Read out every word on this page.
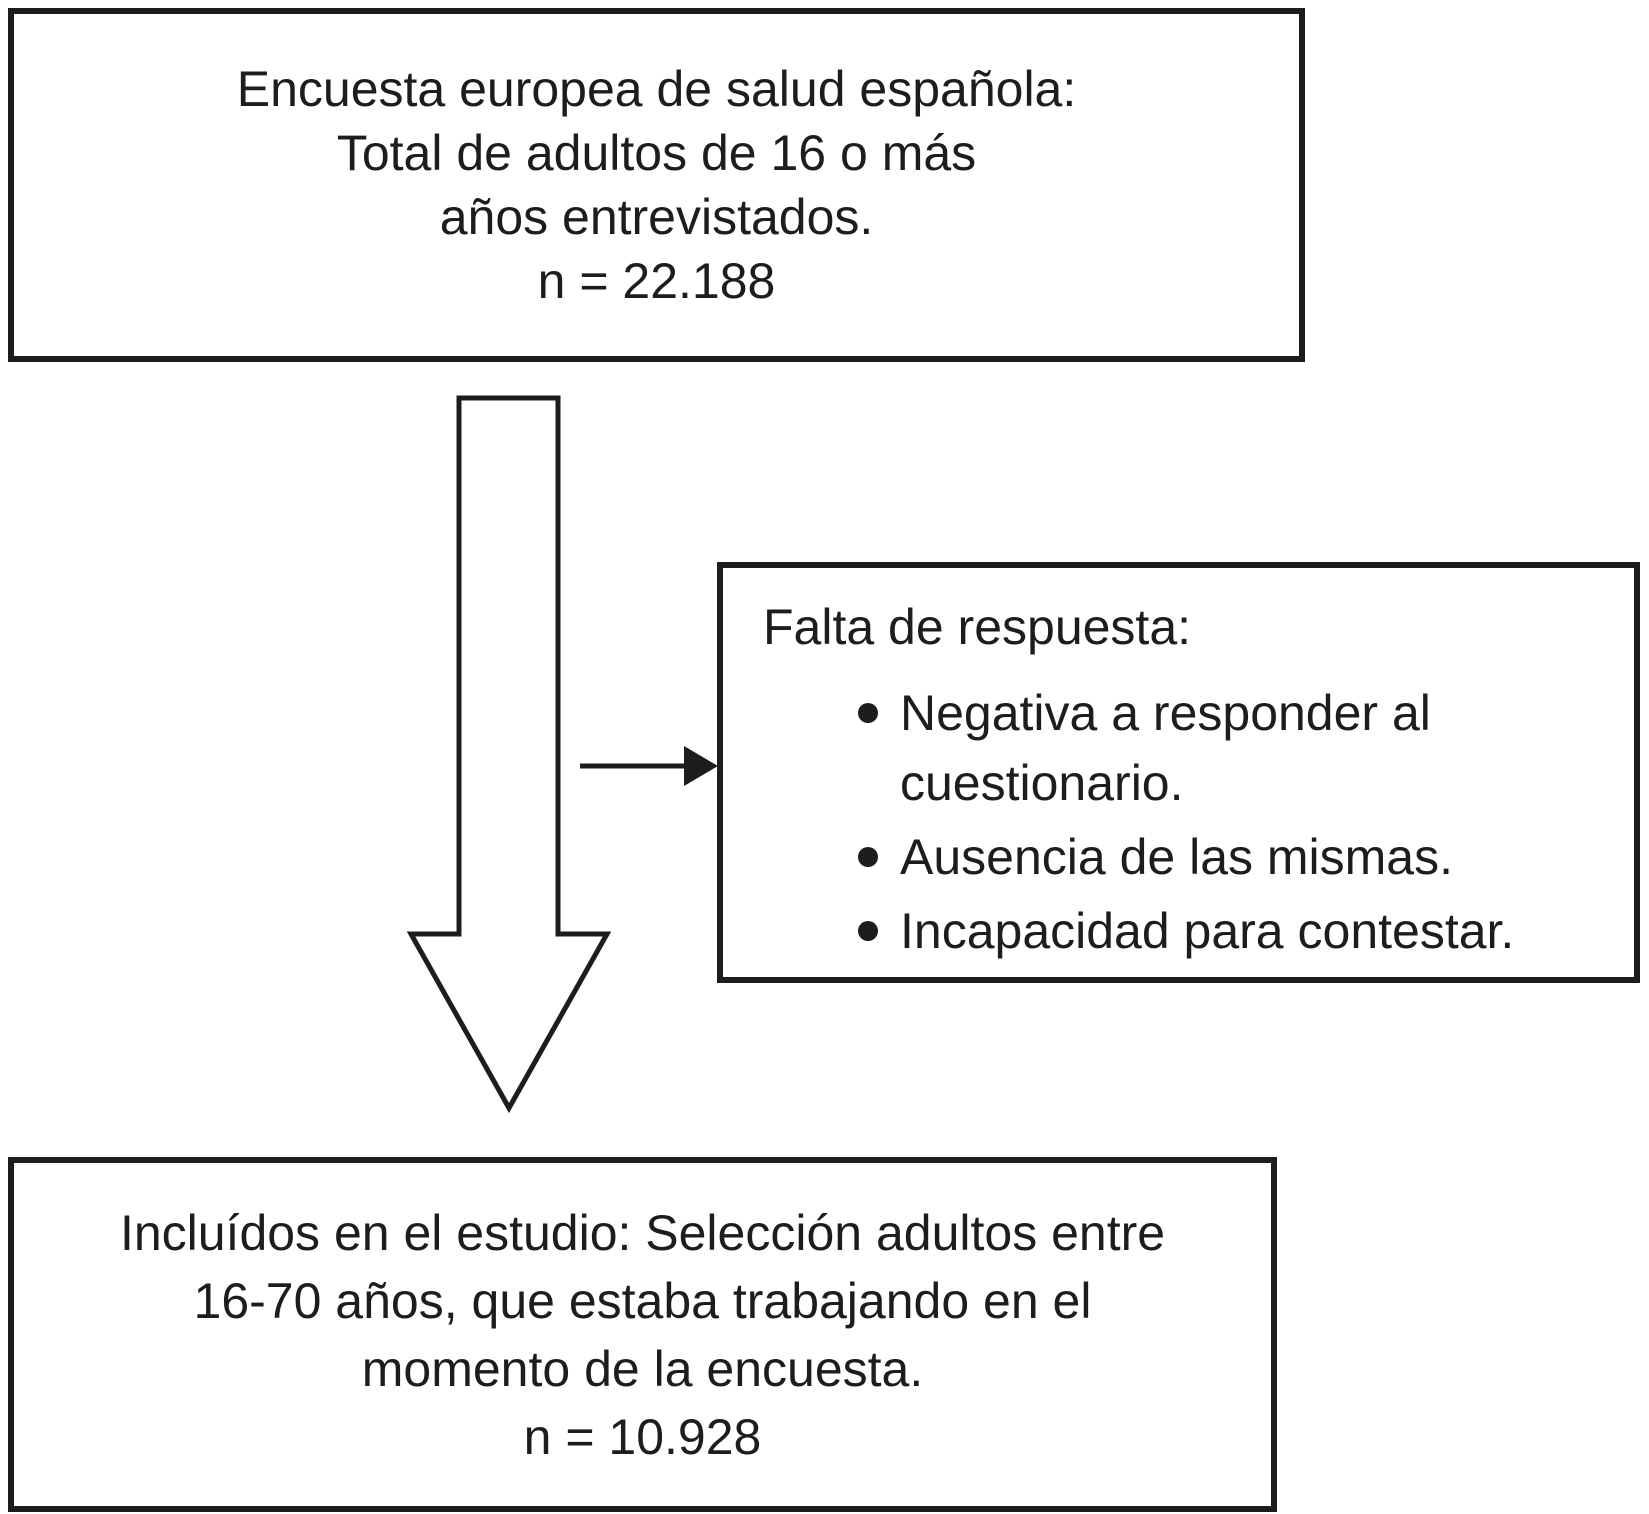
Encuesta europea de salud española:
Total de adultos de 16 o más
años entrevistados.
n = 22.188
Falta de respuesta:
Negativa a responder al cuestionario.
Ausencia de las mismas.
Incapacidad para contestar.
Incluídos en el estudio: Selección adultos entre
16-70 años, que estaba trabajando en el
momento de la encuesta.
n = 10.928
